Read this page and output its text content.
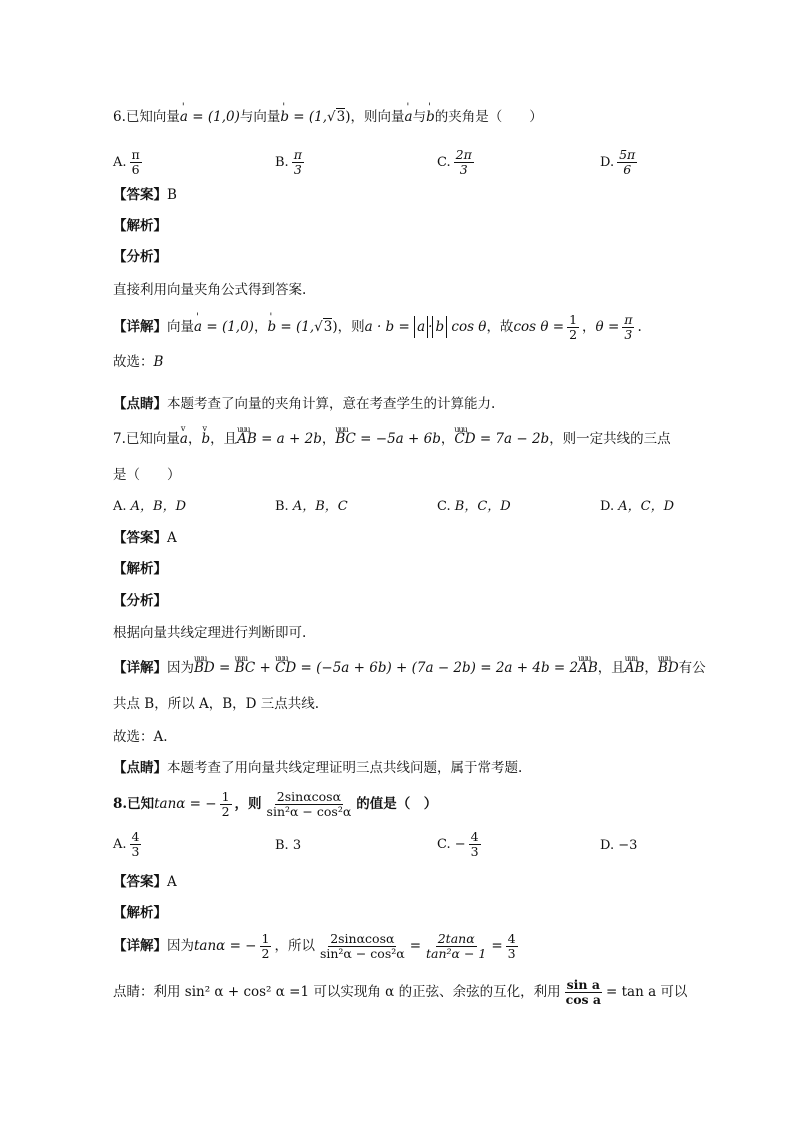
6.已知向量' a = (1,0)与向量' b = (1,√3)，则向量' a与' b的夹角是（　　）
A. $\frac{\pi}{6}$	B. $\frac{\pi}{3}$	C. $\frac{2\pi}{3}$	D. $\frac{5\pi}{6}$
【答案】B
【解析】
【分析】
直接利用向量夹角公式得到答案.
【详解】向量' a = (1,0)，' b = (1,√3)，则a · b = a · b cos θ，故$\cos \theta = \frac{1}{2}$ ，$\theta = \frac{\pi}{3}$ .
故选：B
【点睛】本题考查了向量的夹角计算，意在考查学生的计算能力.
7.已知向量v a，v b，且uuu AB = a + 2b，uuu BC = −5a + 6b，uuu CD = 7a − 2b，则一定共线的三点
是（　　）
A. A，B，D	B. A，B，C	C. B，C，D	D. A，C，D
【答案】A
【解析】
【分析】
根据向量共线定理进行判断即可.
【详解】因为uuu BD = uuu BC + uuu CD = (−5a + 6b) + (7a − 2b) = 2a + 4b = 2uuu AB，且uuu AB，uuu BD有公
共点 B，所以 A，B，D 三点共线.
故选：A.
【点睛】本题考查了用向量共线定理证明三点共线问题，属于常考题.
8.已知tanα = − $\frac{1}{2}$ ，则 $\frac{2\sin\alpha\cos\alpha}{\text{sin²α − cos²α}}$ 的值是（　）
A. $\frac{4}{3}$	B. 3	C. − $\frac{4}{3}$	D. −3
【答案】A
【解析】
【详解】因为tanα = − $\frac{1}{2}$ ，所以 $\frac{2\sin\alpha\cos\alpha}{\text{sin²α − cos²α}} = \frac{2\tan\alpha}{\text{tan²α − 1}} = \frac{4}{3}$
点睛：利用 sin² α + cos² α =1 可以实现角 α 的正弦、余弦的互化，利用 $\frac{\text{sin a}}{\text{cos a}} = \tan a$ 可以
